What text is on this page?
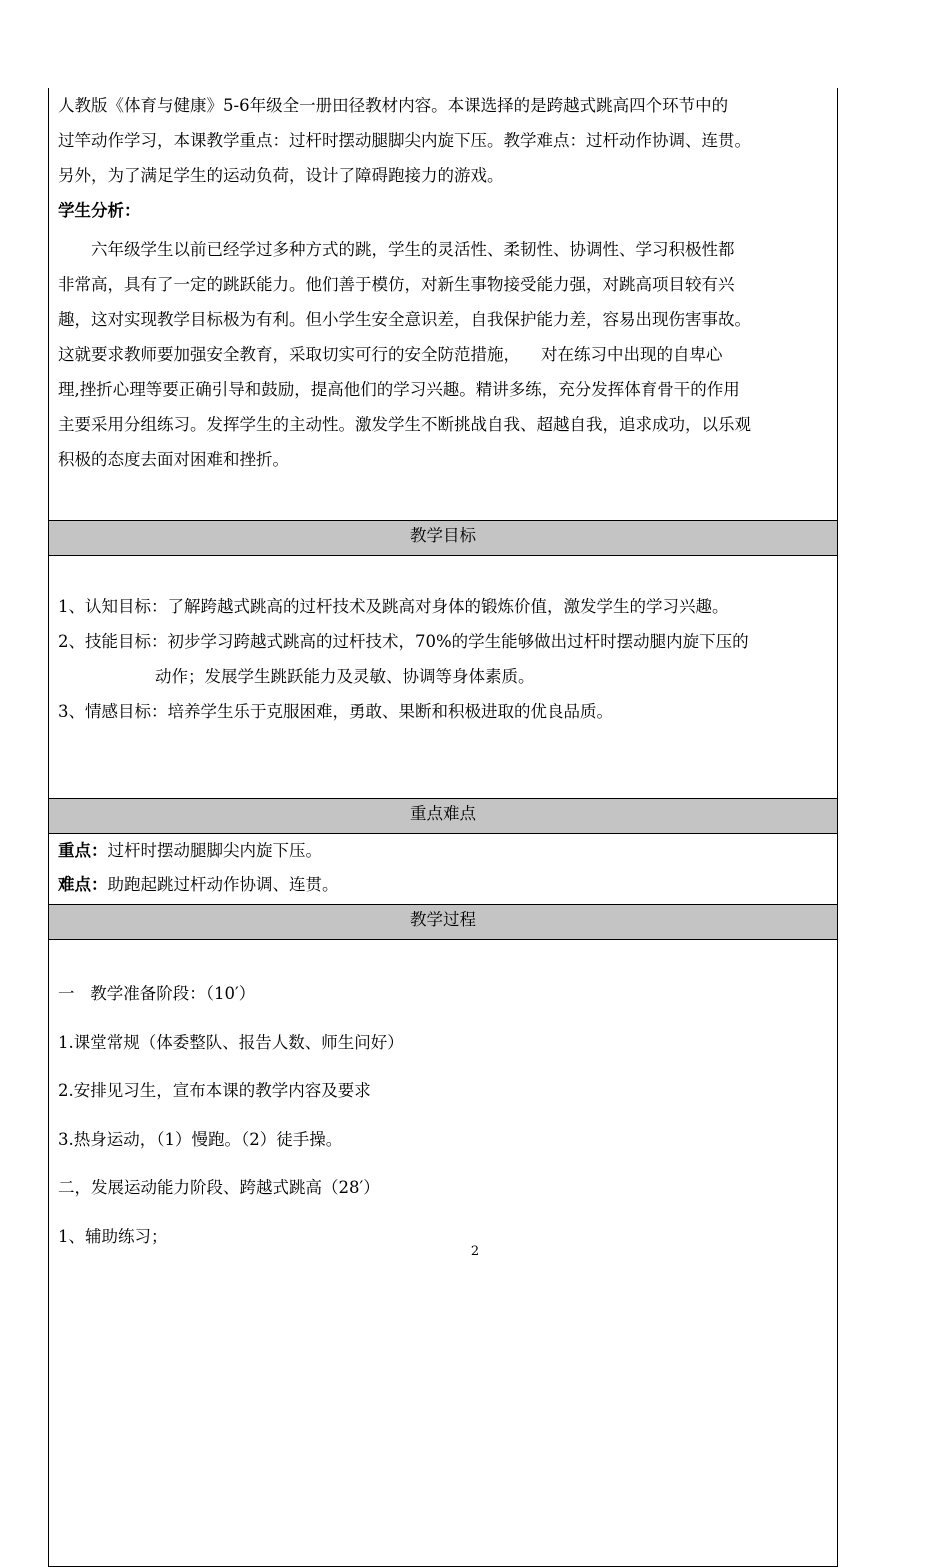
人教版《体育与健康》5-6年级全一册田径教材内容。本课选择的是跨越式跳高四个环节中的

过竿动作学习，本课教学重点：过杆时摆动腿脚尖内旋下压。教学难点：过杆动作协调、连贯。

另外，为了满足学生的运动负荷，设计了障碍跑接力的游戏。

学生分析：

六年级学生以前已经学过多种方式的跳，学生的灵活性、柔韧性、协调性、学习积极性都

非常高，具有了一定的跳跃能力。他们善于模仿，对新生事物接受能力强，对跳高项目较有兴

趣，这对实现教学目标极为有利。但小学生安全意识差，自我保护能力差，容易出现伤害事故。

这就要求教师要加强安全教育，采取切实可行的安全防范措施，    对在练习中出现的自卑心

理,挫折心理等要正确引导和鼓励，提高他们的学习兴趣。精讲多练，充分发挥体育骨干的作用

主要采用分组练习。发挥学生的主动性。激发学生不断挑战自我、超越自我，追求成功，以乐观

积极的态度去面对困难和挫折。

教学目标

1、认知目标：了解跨越式跳高的过杆技术及跳高对身体的锻炼价值，激发学生的学习兴趣。

2、技能目标：初步学习跨越式跳高的过杆技术，70%的学生能够做出过杆时摆动腿内旋下压的

动作；发展学生跳跃能力及灵敏、协调等身体素质。

3、情感目标：培养学生乐于克服困难，勇敢、果断和积极进取的优良品质。

重点难点

重点：过杆时摆动腿脚尖内旋下压。

难点：助跑起跳过杆动作协调、连贯。

教学过程

一   教学准备阶段：（10′）

1.课堂常规（体委整队、报告人数、师生问好）

2.安排见习生，宣布本课的教学内容及要求

3.热身运动，（1）慢跑。（2）徒手操。

二，发展运动能力阶段、跨越式跳高（28′）

1、辅助练习；

2
